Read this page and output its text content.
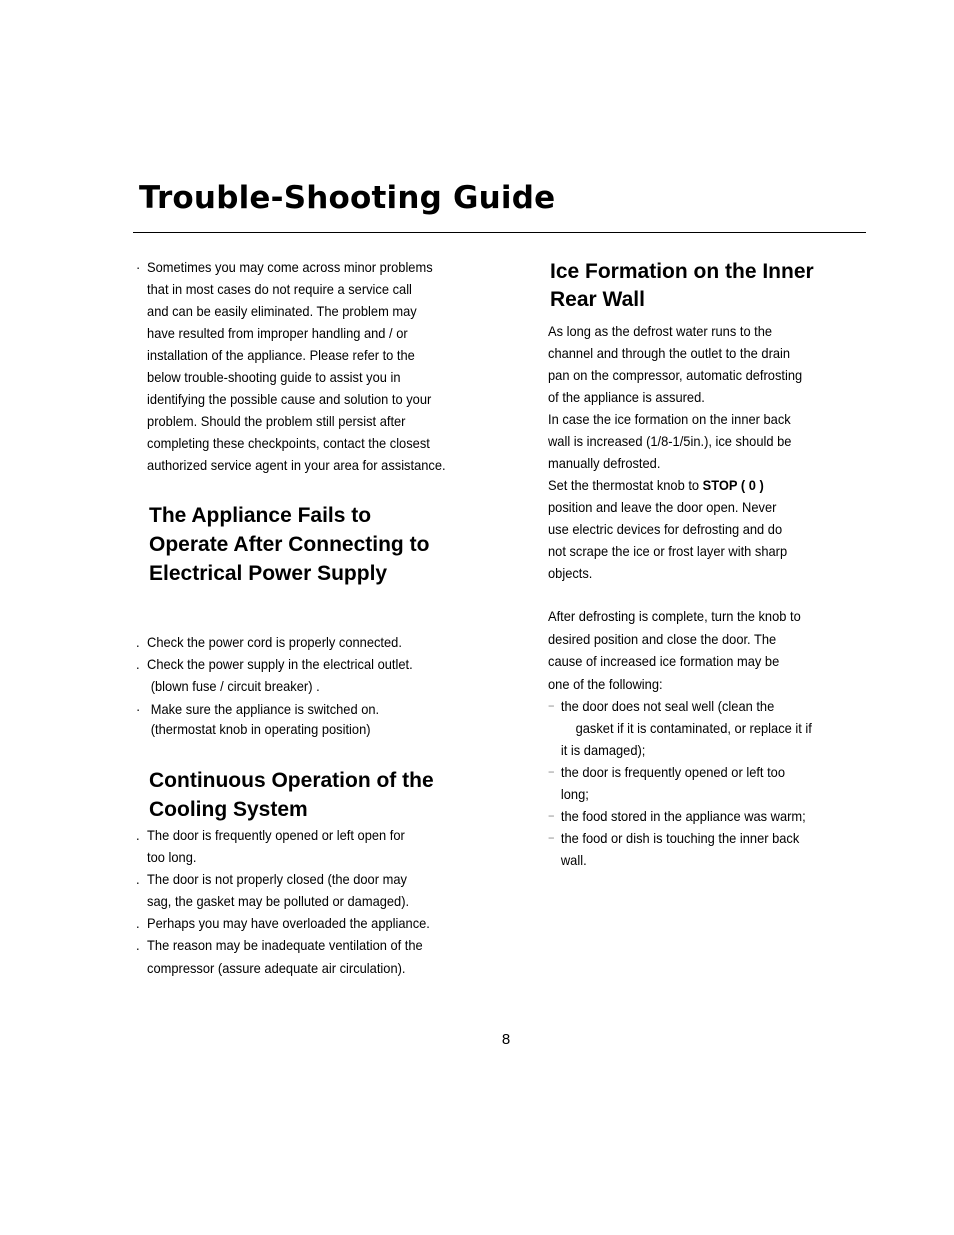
Trouble-Shooting Guide
· Sometimes you may come across minor problems
that in most cases do not require a service call
and can be easily eliminated. The problem may
have resulted from improper handling and / or
installation of the appliance. Please refer to the
below trouble-shooting guide to assist you in
identifying the possible cause and solution to your
problem. Should the problem still persist after
completing these checkpoints, contact the closest
authorized service agent in your area for assistance.
The Appliance Fails to
Operate After Connecting to
Electrical Power Supply
. Check the power cord is properly connected.
. Check the power supply in the electrical outlet.
(blown fuse / circuit breaker) .
· Make sure the appliance is switched on.
(thermostat knob in operating position)
Continuous Operation of the
Cooling System
. The door is frequently opened or left open for
too long.
. The door is not properly closed (the door may
sag, the gasket may be polluted or damaged).
. Perhaps you may have overloaded the appliance.
. The reason may be inadequate ventilation of the
compressor (assure adequate air circulation).
Ice Formation on the Inner
Rear Wall
As long as the defrost water runs to the
channel and through the outlet to the drain
pan on the compressor, automatic defrosting
of the appliance is assured.
In case the ice formation on the inner back
wall is increased (1/8-1/5in.), ice should be
manually defrosted.
Set the thermostat knob to STOP ( 0 )
position and leave the door open. Never
use electric devices for defrosting and do
not scrape the ice or frost layer with sharp
objects.
After defrosting is complete, turn the knob to
desired position and close the door. The
cause of increased ice formation may be
one of the following:
− the door does not seal well (clean the
gasket if it is contaminated, or replace it if
it is damaged);
− the door is frequently opened or left too
long;
− the food stored in the appliance was warm;
− the food or dish is touching the inner back
wall.
8
